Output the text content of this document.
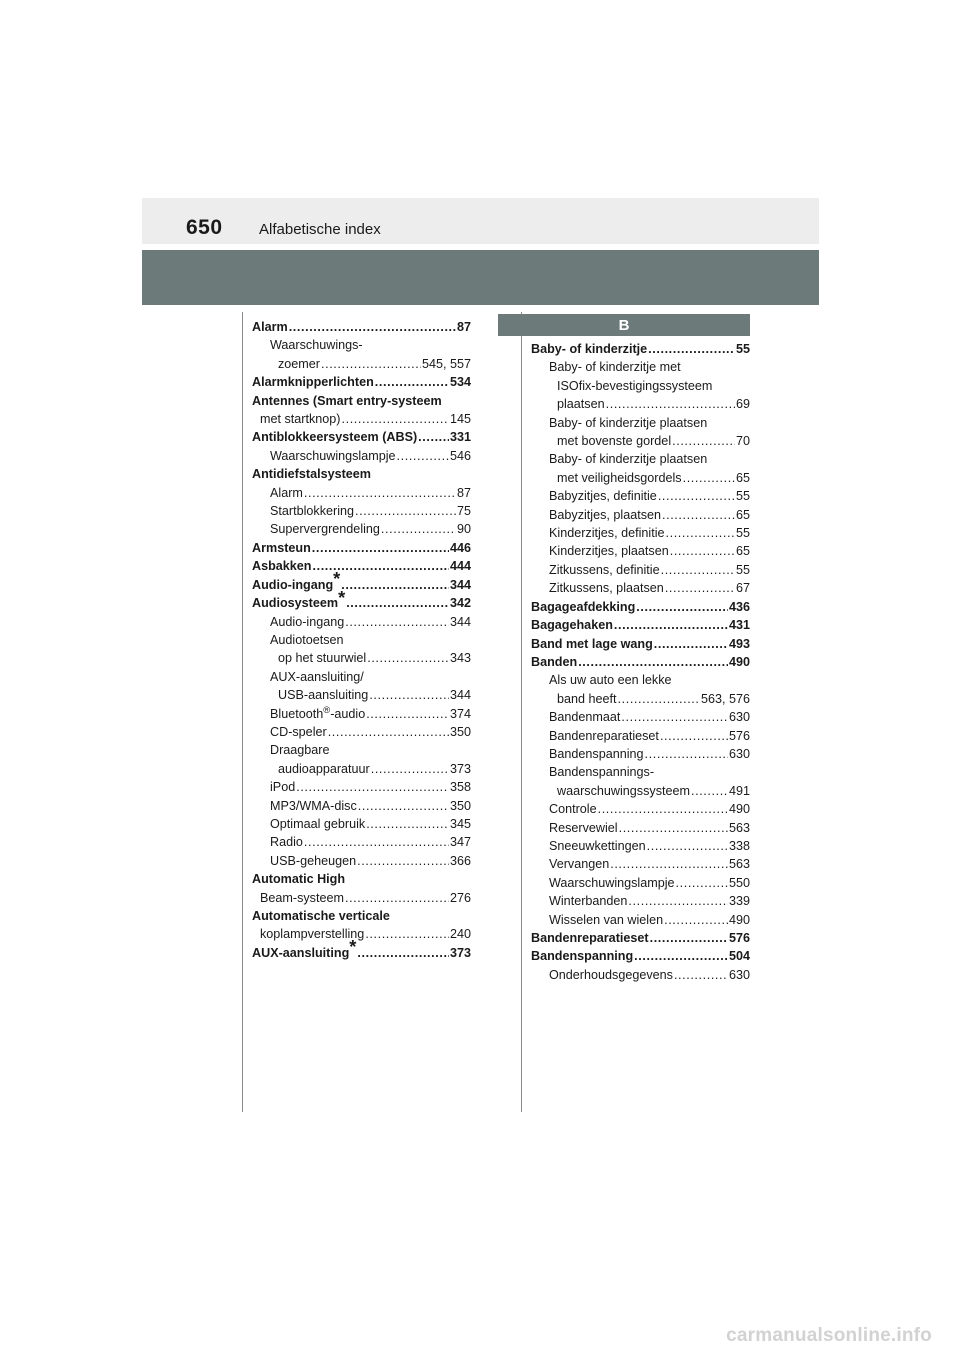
650 Alfabetische index
Alarm .....	87
Waarschuwings-
zoemer .....	545, 557
Alarmknipperlichten .....	534
Antennes (Smart entry-systeem
met startknop) .....	145
Antiblokkeersysteem (ABS) .....	331
Waarschuwingslampje .....	546
Antidiefstalsysteem
Alarm .....	87
Startblokkering .....	75
Supervergrendeling .....	90
Armsteun .....	446
Asbakken .....	444
Audio-ingang* .....	344
Audiosysteem* .....	342
Audio-ingang .....	344
Audiotoetsen
op het stuurwiel .....	343
AUX-aansluiting/
USB-aansluiting .....	344
Bluetooth®-audio .....	374
CD-speler .....	350
Draagbare
audioapparatuur .....	373
iPod .....	358
MP3/WMA-disc .....	350
Optimaal gebruik .....	345
Radio .....	347
USB-geheugen .....	366
Automatic High
Beam-systeem .....	276
Automatische verticale
koplampverstelling .....	240
AUX-aansluiting* .....	373
B
Baby- of kinderzitje .....	55
Baby- of kinderzitje met
ISOfix-bevestigingssysteem
plaatsen .....	69
Baby- of kinderzitje plaatsen
met bovenste gordel .....	70
Baby- of kinderzitje plaatsen
met veiligheidsgordels .....	65
Babyzitjes, definitie .....	55
Babyzitjes, plaatsen .....	65
Kinderzitjes, definitie .....	55
Kinderzitjes, plaatsen .....	65
Zitkussens, definitie .....	55
Zitkussens, plaatsen .....	67
Bagageafdekking .....	436
Bagagehaken .....	431
Band met lage wang .....	493
Banden .....	490
Als uw auto een lekke
band heeft .....	563, 576
Bandenmaat .....	630
Bandenreparatieset .....	576
Bandenspanning .....	630
Bandenspannings-
waarschuwingssysteem .....	491
Controle .....	490
Reservewiel .....	563
Sneeuwkettingen .....	338
Vervangen .....	563
Waarschuwingslampje .....	550
Winterbanden .....	339
Wisselen van wielen .....	490
Bandenreparatieset .....	576
Bandenspanning .....	504
Onderhoudsgegevens .....	630
carmanualsonline.info
